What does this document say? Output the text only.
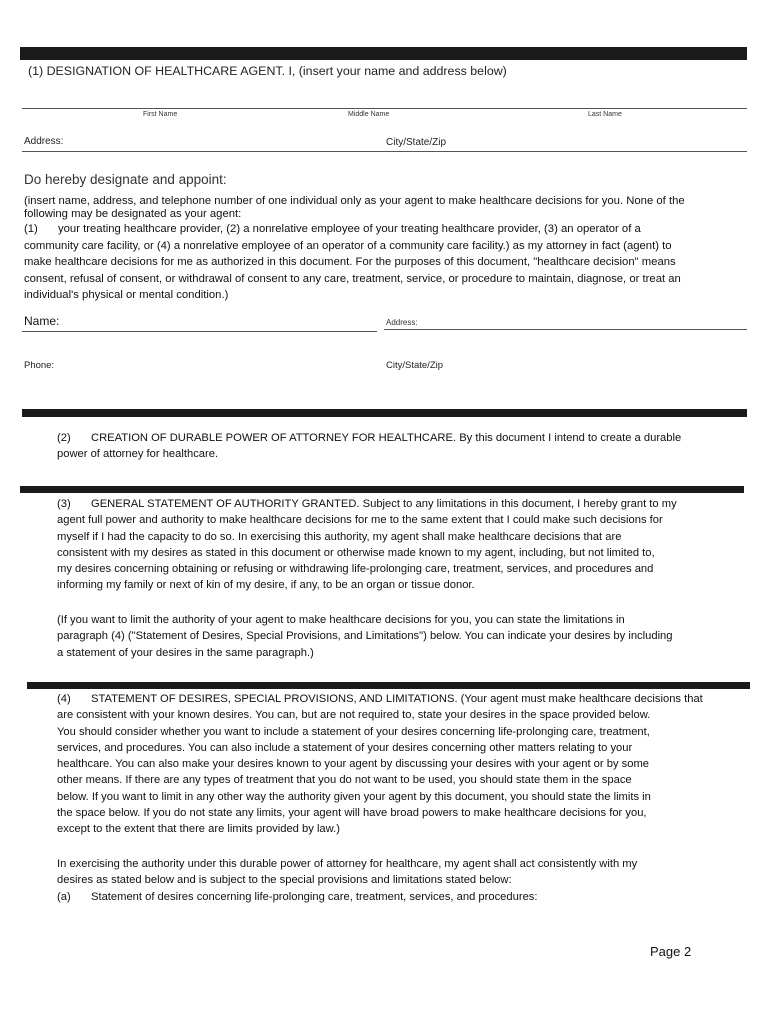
(1) DESIGNATION OF HEALTHCARE AGENT. I, (insert your name and address below)
First Name	Middle Name	Last Name
Address:	City/State/Zip
Do hereby designate and appoint:

(insert name, address, and telephone number of one individual only as your agent to make healthcare decisions for you. None of the

following may be designated as your agent:

(1) your treating healthcare provider, (2) a nonrelative employee of your treating healthcare provider, (3) an operator of a

community care facility, or (4) a nonrelative employee of an operator of a community care facility.) as my attorney in fact (agent) to

make healthcare decisions for me as authorized in this document. For the purposes of this document, "healthcare decision" means

consent, refusal of consent, or withdrawal of consent to any care, treatment, service, or procedure to maintain, diagnose, or treat an

individual's physical or mental condition.)

Name:	Address:
Phone:	City/State/Zip

(2) CREATION OF DURABLE POWER OF ATTORNEY FOR HEALTHCARE. By this document I intend to create a durable

power of attorney for healthcare.

(3) GENERAL STATEMENT OF AUTHORITY GRANTED. Subject to any limitations in this document, I hereby grant to my

agent full power and authority to make healthcare decisions for me to the same extent that I could make such decisions for

myself if I had the capacity to do so. In exercising this authority, my agent shall make healthcare decisions that are

consistent with my desires as stated in this document or otherwise made known to my agent, including, but not limited to,

my desires concerning obtaining or refusing or withdrawing life-prolonging care, treatment, services, and procedures and

informing my family or next of kin of my desire, if any, to be an organ or tissue donor.

(If you want to limit the authority of your agent to make healthcare decisions for you, you can state the limitations in

paragraph (4) ("Statement of Desires, Special Provisions, and Limitations") below. You can indicate your desires by including

a statement of your desires in the same paragraph.)

(4) STATEMENT OF DESIRES, SPECIAL PROVISIONS, AND LIMITATIONS. (Your agent must make healthcare decisions that

are consistent with your known desires. You can, but are not required to, state your desires in the space provided below.

You should consider whether you want to include a statement of your desires concerning life-prolonging care, treatment,

services, and procedures. You can also include a statement of your desires concerning other matters relating to your

healthcare. You can also make your desires known to your agent by discussing your desires with your agent or by some

other means. If there are any types of treatment that you do not want to be used, you should state them in the space

below. If you want to limit in any other way the authority given your agent by this document, you should state the limits in

the space below. If you do not state any limits, your agent will have broad powers to make healthcare decisions for you,

except to the extent that there are limits provided by law.)

In exercising the authority under this durable power of attorney for healthcare, my agent shall act consistently with my

desires as stated below and is subject to the special provisions and limitations stated below:

(a) Statement of desires concerning life-prolonging care, treatment, services, and procedures:

Page 2
